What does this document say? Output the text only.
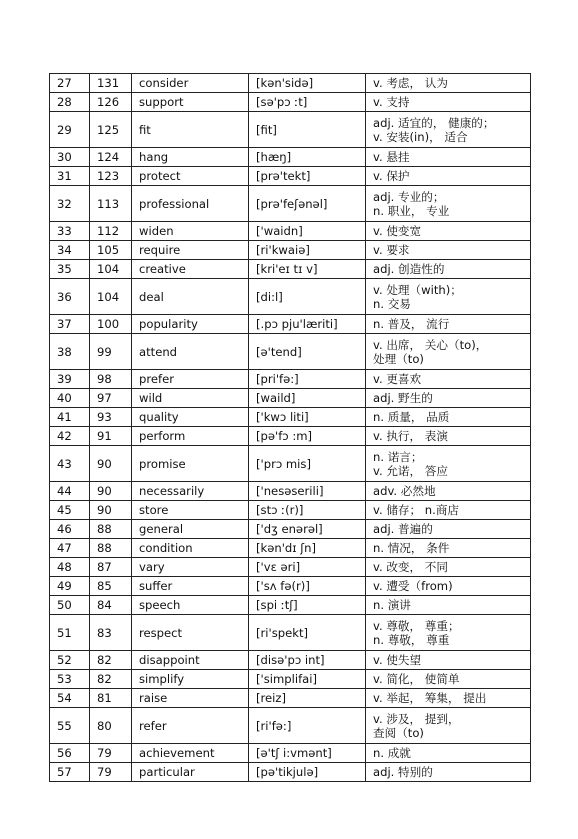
27	131	consider	[kən'sidə]	v. 考虑， 认为

28	126	support	[sə'pɔ ːt]	v. 支持

29	125	fit	[fit]	adj. 适宜的， 健康的；
v. 安装(in)， 适合

30	124	hang	[hæŋ]	v. 悬挂

31	123	protect	[prə'tekt]	v. 保护

32	113	professional	[prə'feʃənəl]	adj. 专业的；
n. 职业， 专业

33	112	widen	['waidn]	v. 使变宽

34	105	require	[ri'kwaiə]	v. 要求

35	104	creative	[kri'eɪ tɪ v]	adj. 创造性的

36	104	deal	[di:l]	v. 处理（with)；
n. 交易

37	100	popularity	[.pɔ pju'læriti]	n. 普及， 流行

38	99	attend	[ə'tend]	v. 出席， 关心（to)，
处理（to)

39	98	prefer	[pri'fə:]	v. 更喜欢

40	97	wild	[waild]	adj. 野生的

41	93	quality	['kwɔ liti]	n. 质量， 品质

42	91	perform	[pə'fɔ :m]	v. 执行， 表演

43	90	promise	['prɔ mis]	n. 诺言；
v. 允诺， 答应

44	90	necessarily	['nesəserili]	adv. 必然地

45	90	store	[stɔ ː(r)]	v. 储存； n.商店

46	88	general	['dʒ enərəl]	adj. 普遍的

47	88	condition	[kən'dɪ ʃn]	n. 情况， 条件

48	87	vary	['vɛ əri]	v. 改变， 不同

49	85	suffer	['sʌ fə(r)]	v. 遭受（from)

50	84	speech	[spi ːtʃ]	n. 演讲

51	83	respect	[ri'spekt]	v. 尊敬， 尊重；
n. 尊敬， 尊重

52	82	disappoint	[disə'pɔ int]	v. 使失望

53	82	simplify	['simplifai]	v. 简化， 使简单

54	81	raise	[reiz]	v. 举起， 筹集， 提出

55	80	refer	[ri'fə:]	v. 涉及， 提到，
查阅（to)

56	79	achievement	[ə'tʃ i:vmənt]	n. 成就

57	79	particular	[pə'tikjulə]	adj. 特别的
